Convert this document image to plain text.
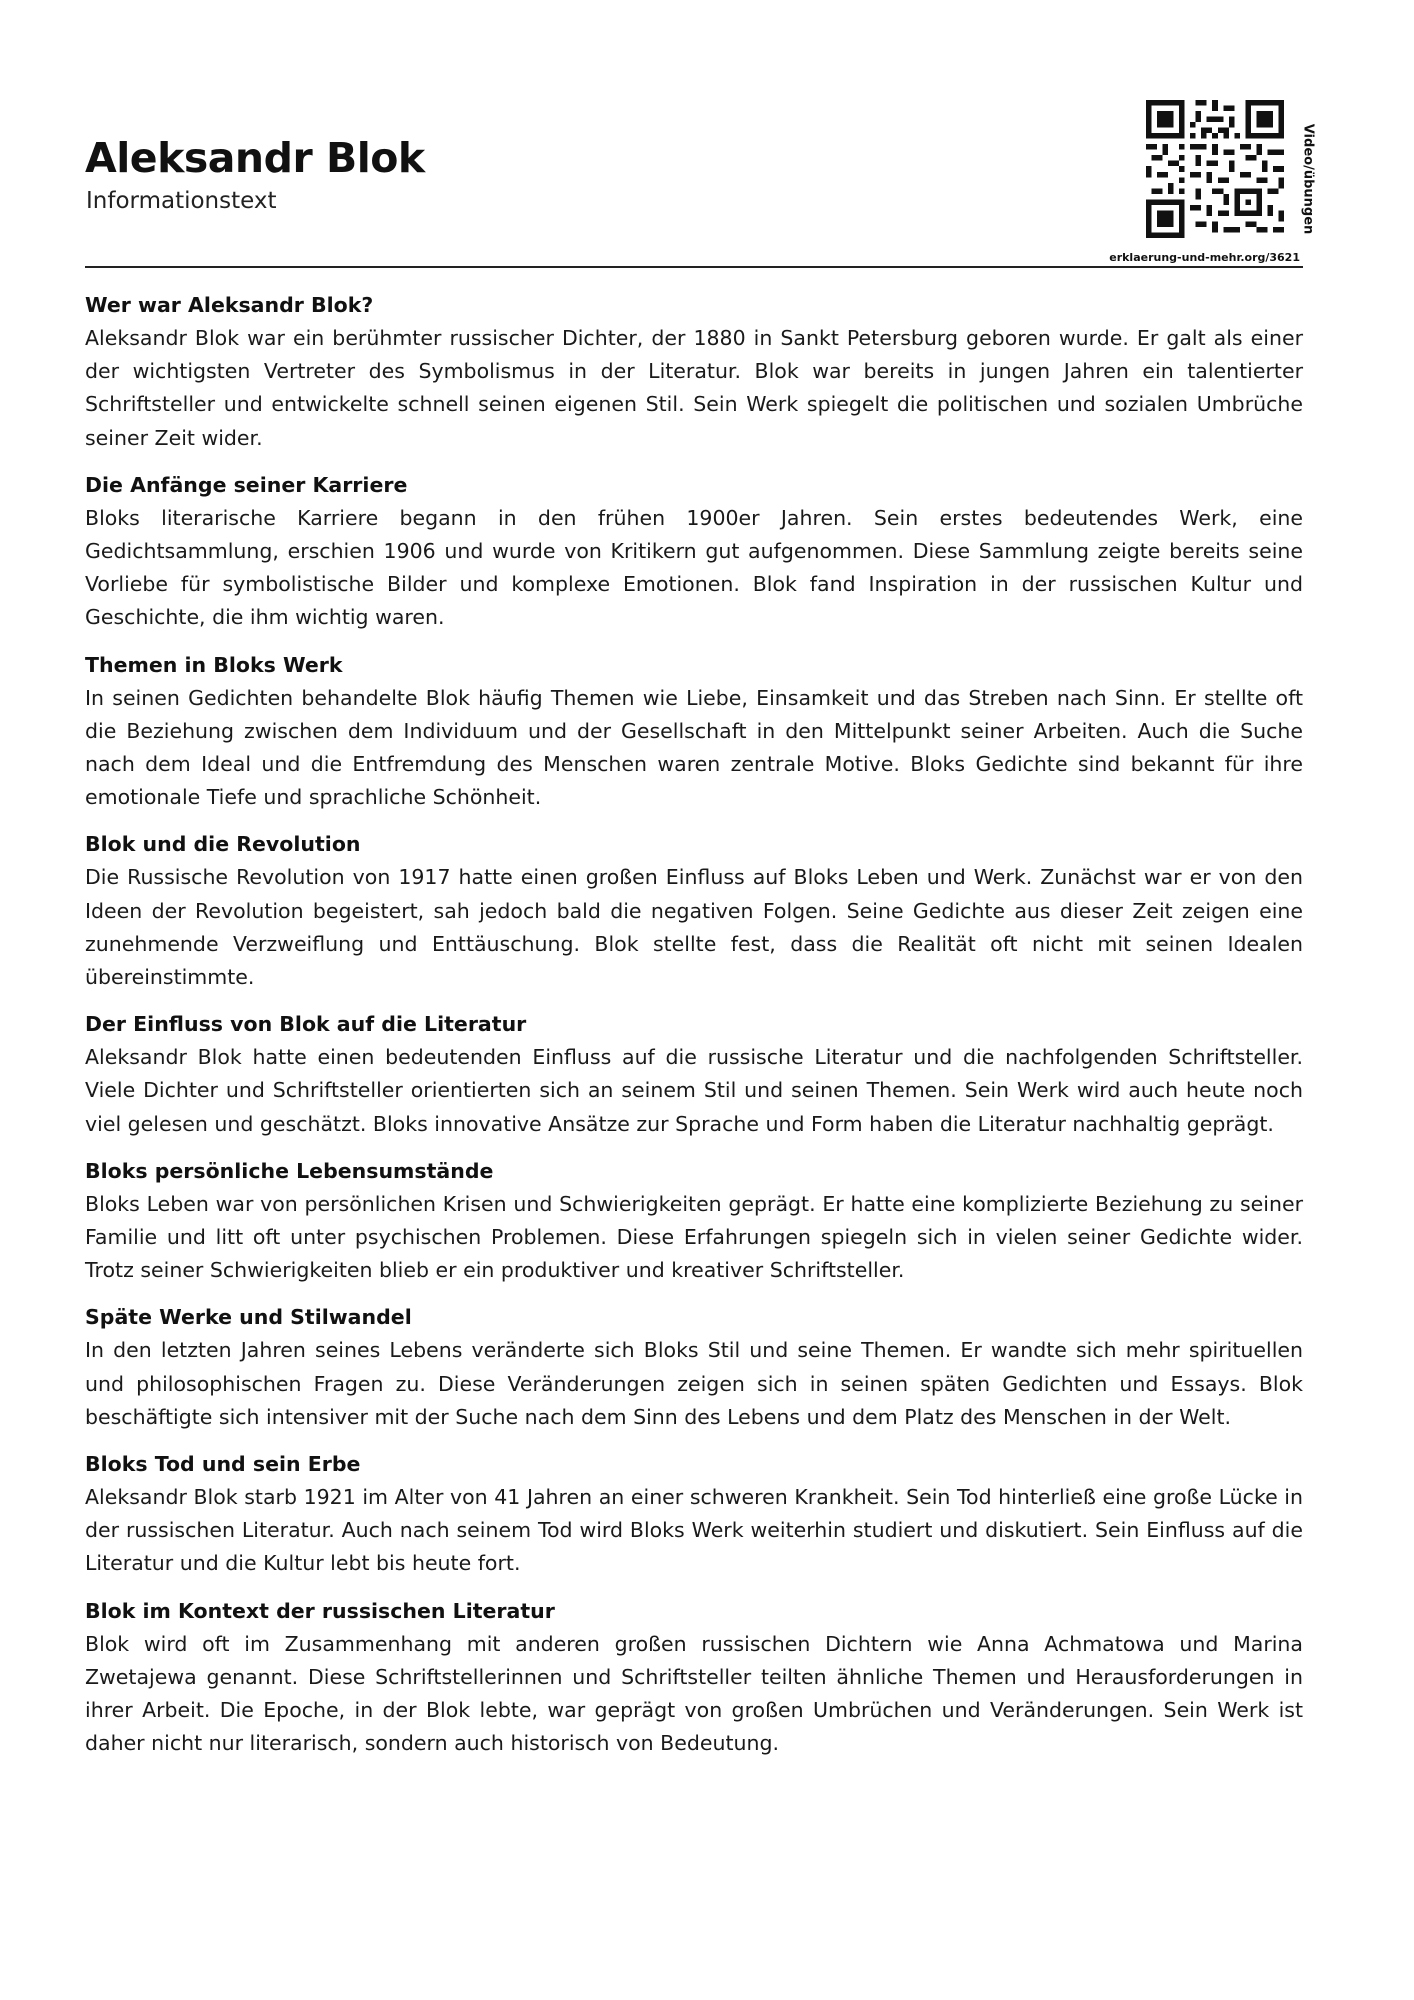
Aleksandr Blok
Informationstext	Video/übungen
erklaerung-und-mehr.org/3621
Wer war Aleksandr Blok?

Aleksandr Blok war ein berühmter russischer Dichter, der 1880 in Sankt Petersburg geboren wurde. Er galt als einer der wichtigsten Vertreter des Symbolismus in der Literatur. Blok war bereits in jungen Jahren ein talentierter Schriftsteller und entwickelte schnell seinen eigenen Stil. Sein Werk spiegelt die politischen und sozialen Umbrüche seiner Zeit wider.

Die Anfänge seiner Karriere

Bloks literarische Karriere begann in den frühen 1900er Jahren. Sein erstes bedeutendes Werk, eine Gedichtsammlung, erschien 1906 und wurde von Kritikern gut aufgenommen. Diese Sammlung zeigte bereits seine Vorliebe für symbolistische Bilder und komplexe Emotionen. Blok fand Inspiration in der russischen Kultur und Geschichte, die ihm wichtig waren.

Themen in Bloks Werk

In seinen Gedichten behandelte Blok häufig Themen wie Liebe, Einsamkeit und das Streben nach Sinn. Er stellte oft die Beziehung zwischen dem Individuum und der Gesellschaft in den Mittelpunkt seiner Arbeiten. Auch die Suche nach dem Ideal und die Entfremdung des Menschen waren zentrale Motive. Bloks Gedichte sind bekannt für ihre emotionale Tiefe und sprachliche Schönheit.

Blok und die Revolution

Die Russische Revolution von 1917 hatte einen großen Einfluss auf Bloks Leben und Werk. Zunächst war er von den Ideen der Revolution begeistert, sah jedoch bald die negativen Folgen. Seine Gedichte aus dieser Zeit zeigen eine zunehmende Verzweiflung und Enttäuschung. Blok stellte fest, dass die Realität oft nicht mit seinen Idealen übereinstimmte.

Der Einfluss von Blok auf die Literatur

Aleksandr Blok hatte einen bedeutenden Einfluss auf die russische Literatur und die nachfolgenden Schriftsteller. Viele Dichter und Schriftsteller orientierten sich an seinem Stil und seinen Themen. Sein Werk wird auch heute noch viel gelesen und geschätzt. Bloks innovative Ansätze zur Sprache und Form haben die Literatur nachhaltig geprägt.

Bloks persönliche Lebensumstände

Bloks Leben war von persönlichen Krisen und Schwierigkeiten geprägt. Er hatte eine komplizierte Beziehung zu seiner Familie und litt oft unter psychischen Problemen. Diese Erfahrungen spiegeln sich in vielen seiner Gedichte wider. Trotz seiner Schwierigkeiten blieb er ein produktiver und kreativer Schriftsteller.

Späte Werke und Stilwandel

In den letzten Jahren seines Lebens veränderte sich Bloks Stil und seine Themen. Er wandte sich mehr spirituellen und philosophischen Fragen zu. Diese Veränderungen zeigen sich in seinen späten Gedichten und Essays. Blok beschäftigte sich intensiver mit der Suche nach dem Sinn des Lebens und dem Platz des Menschen in der Welt.

Bloks Tod und sein Erbe

Aleksandr Blok starb 1921 im Alter von 41 Jahren an einer schweren Krankheit. Sein Tod hinterließ eine große Lücke in der russischen Literatur. Auch nach seinem Tod wird Bloks Werk weiterhin studiert und diskutiert. Sein Einfluss auf die Literatur und die Kultur lebt bis heute fort.

Blok im Kontext der russischen Literatur

Blok wird oft im Zusammenhang mit anderen großen russischen Dichtern wie Anna Achmatowa und Marina Zwetajewa genannt. Diese Schriftstellerinnen und Schriftsteller teilten ähnliche Themen und Herausforderungen in ihrer Arbeit. Die Epoche, in der Blok lebte, war geprägt von großen Umbrüchen und Veränderungen. Sein Werk ist daher nicht nur literarisch, sondern auch historisch von Bedeutung.
